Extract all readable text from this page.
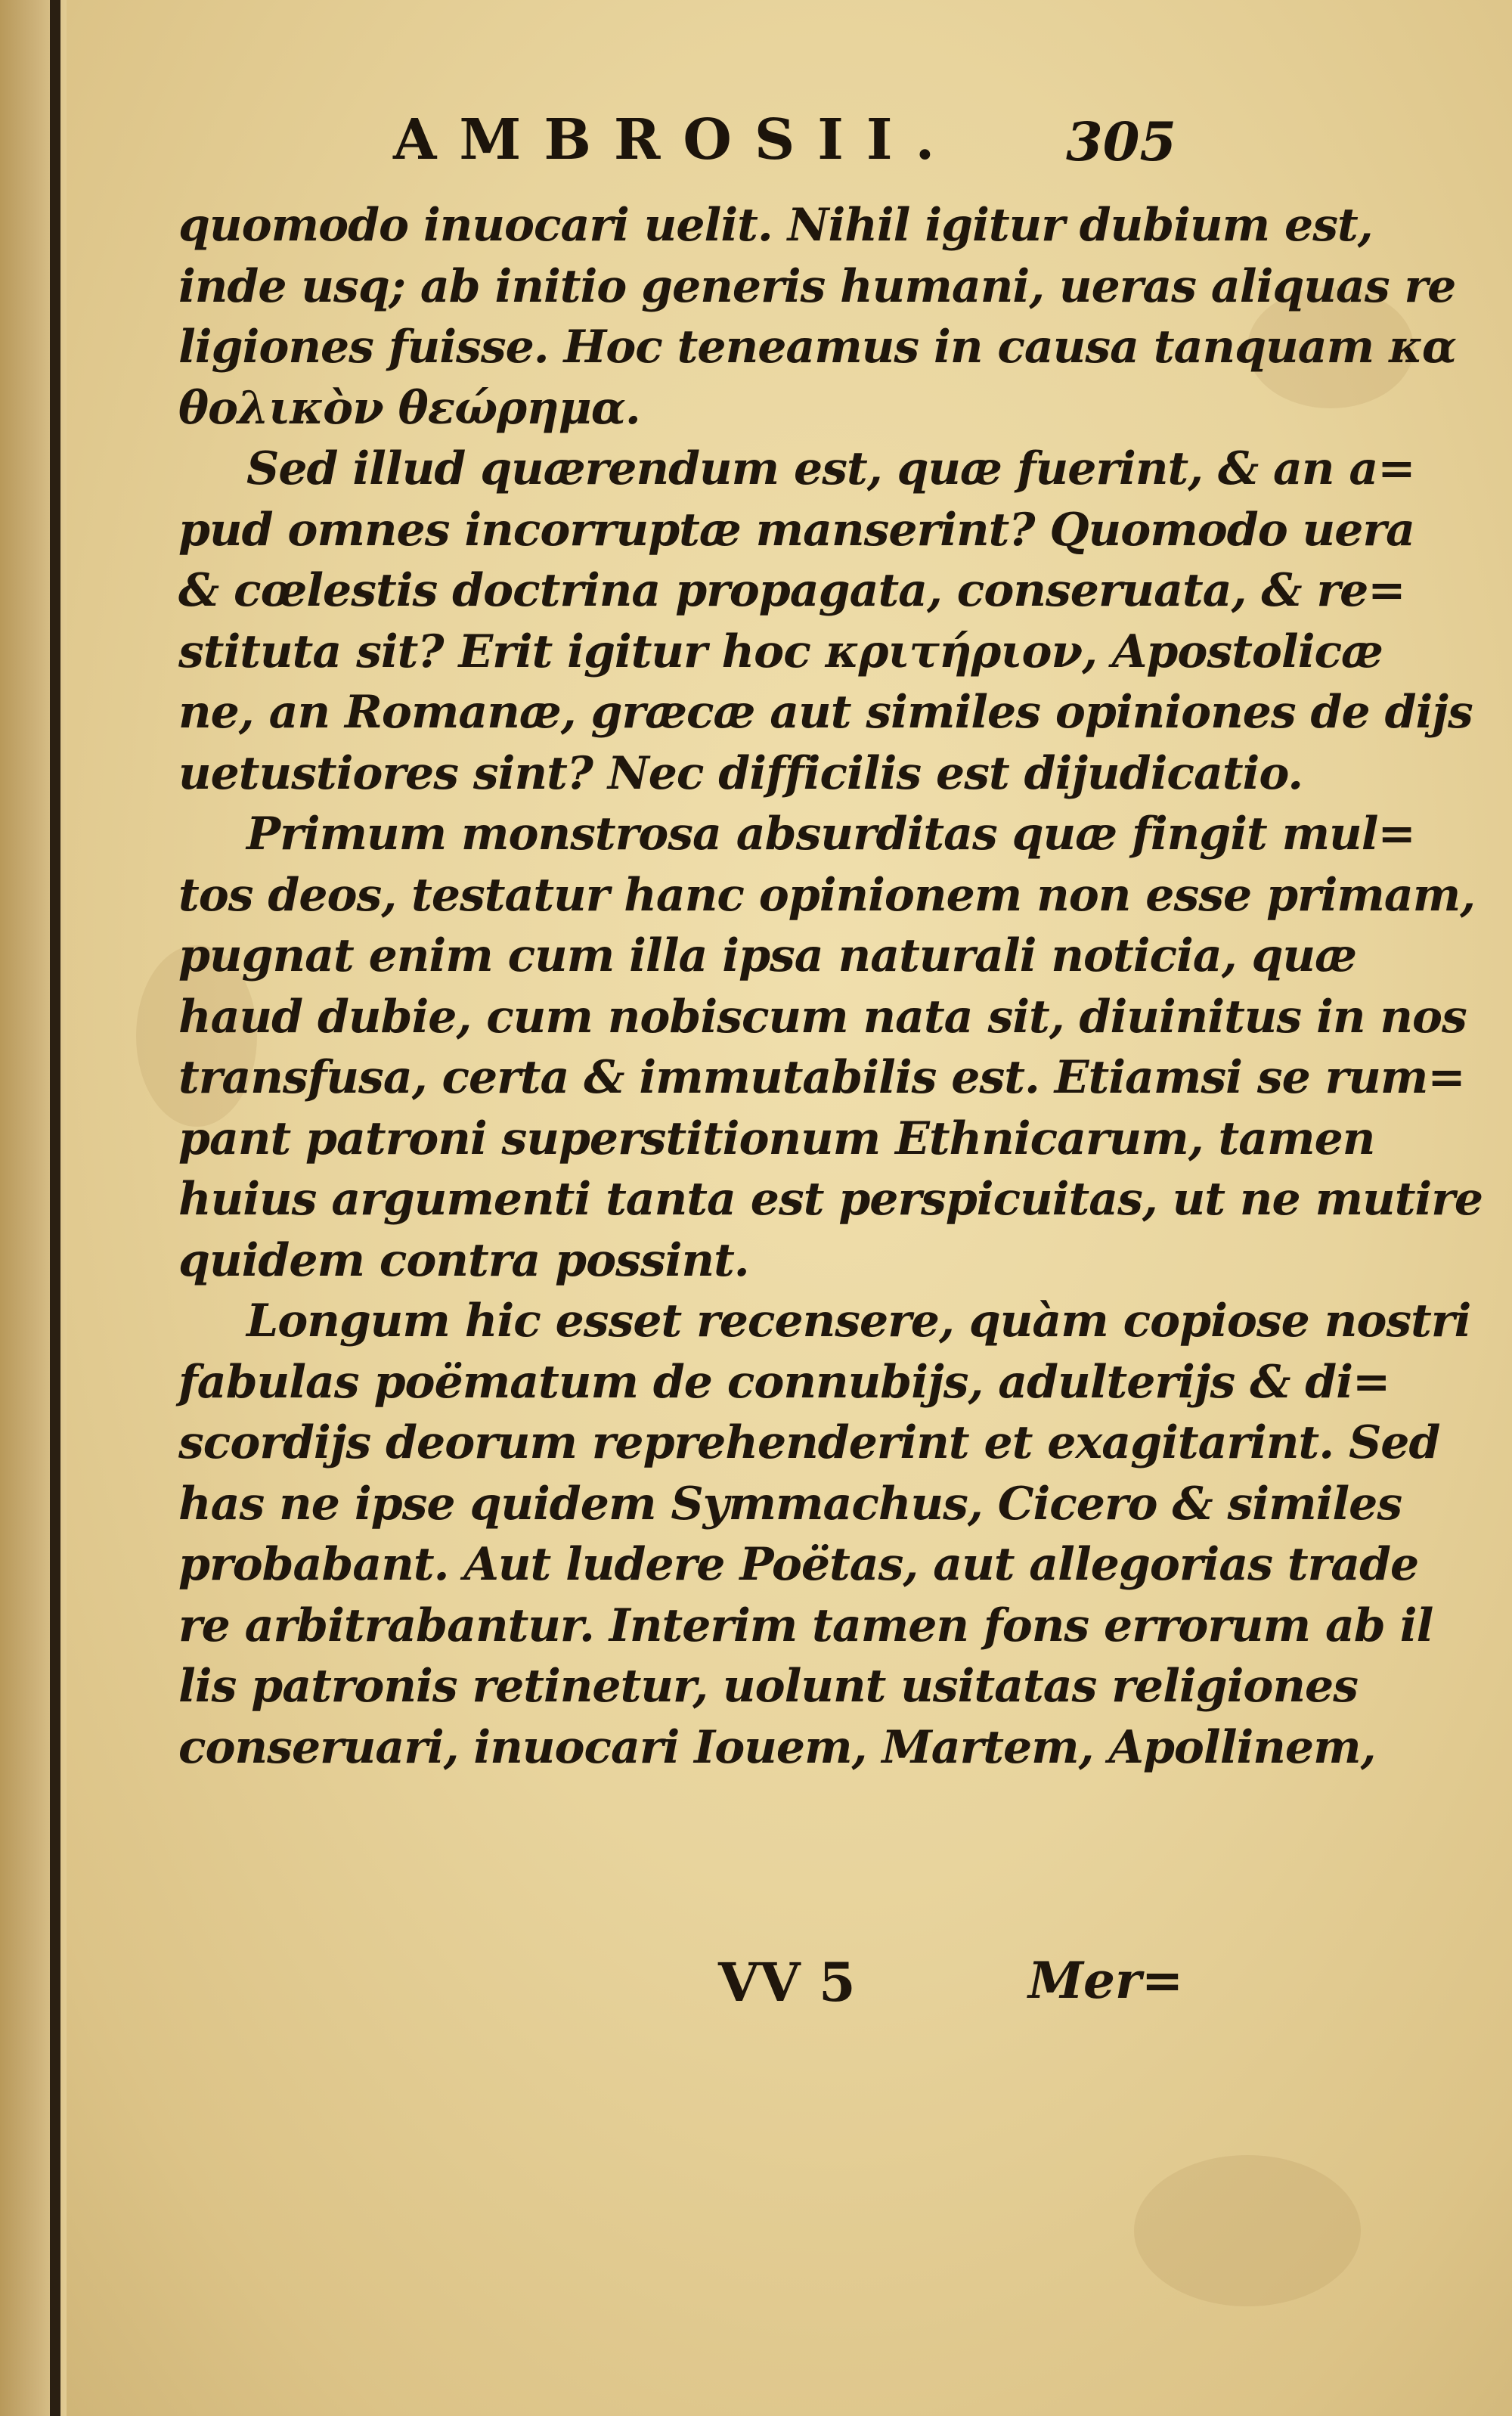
AMBROSII. 305
quomodo inuocari uelit. Nihil igitur dubium est,
inde usq; ab initio generis humani, ueras aliquas re
ligiones fuisse. Hoc teneamus in causa tanquam κα
θολικὸν θεώρημα.
Sed illud quærendum est, quæ fuerint, & an a=
pud omnes incorruptæ manserint? Quomodo uera
& cœlestis doctrina propagata, conseruata, & re=
stituta sit? Erit igitur hoc κριτήριον, Apostolicæ
ne, an Romanæ, græcæ aut similes opiniones de dijs
uetustiores sint? Nec difficilis est dijudicatio.
Primum monstrosa absurditas quæ fingit mul=
tos deos, testatur hanc opinionem non esse primam,
pugnat enim cum illa ipsa naturali noticia, quæ
haud dubie, cum nobiscum nata sit, diuinitus in nos
transfusa, certa & immutabilis est. Etiamsi se rum=
pant patroni superstitionum Ethnicarum, tamen
huius argumenti tanta est perspicuitas, ut ne mutire
quidem contra possint.
Longum hic esset recensere, quàm copiose nostri
fabulas poëmatum de connubijs, adulterijs & di=
scordijs deorum reprehenderint et exagitarint. Sed
has ne ipse quidem Symmachus, Cicero & similes
probabant. Aut ludere Poëtas, aut allegorias trade
re arbitrabantur. Interim tamen fons errorum ab il
lis patronis retinetur, uolunt usitatas religiones
conseruari, inuocari Iouem, Martem, Apollinem,
VV 5	Mer=
